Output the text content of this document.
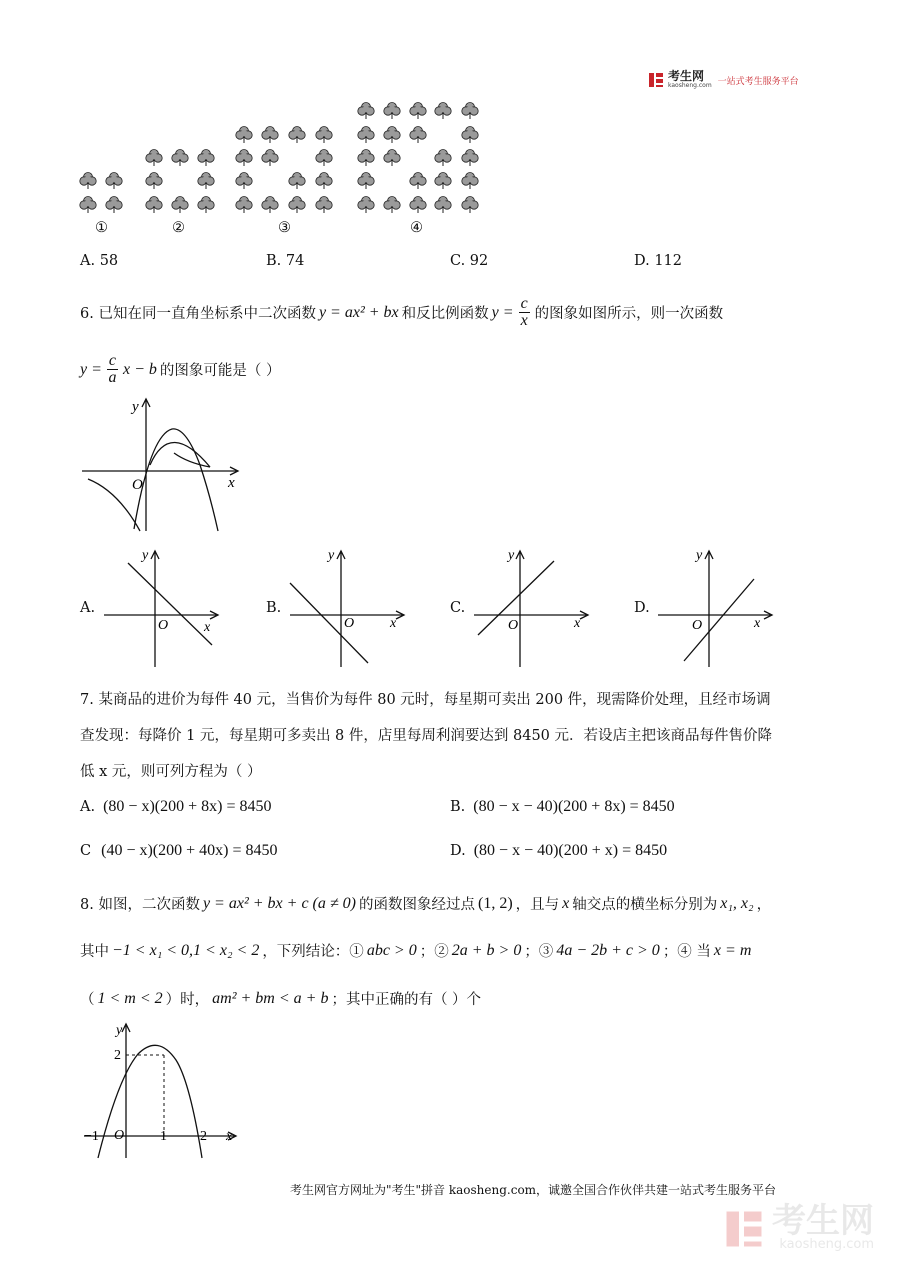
考生网
kaosheng.com 一站式考生服务平台
①	②	③	④
A. 58	B. 74	C. 92	D. 112
6. 已知在同一直角坐标系中二次函数 y = ax² + bx 和反比例函数 $y = \frac{c}{x}$ 的图象如图所示，则一次函数
$y = \frac{c}{a}$ x − b 的图象可能是（ ）
y
x
O
A.
y
x
O
B.
y
x
O
C.
y
x
O
D.
y
x
O
7. 某商品的进价为每件 40 元，当售价为每件 80 元时，每星期可卖出 200 件，现需降价处理，且经市场调
查发现：每降价 1 元，每星期可多卖出 8 件，店里每周利润要达到 8450 元．若设店主把该商品每件售价降
低 x 元，则可列方程为（ ）
A. (80 − x)(200 + 8x) = 8450	B. (80 − x − 40)(200 + 8x) = 8450
C (40 − x)(200 + 40x) = 8450	D. (80 − x − 40)(200 + x) = 8450
8. 如图，二次函数 y = ax² + bx + c (a ≠ 0) 的函数图象经过点 (1, 2) ，且与 x 轴交点的横坐标分别为 x₁, x₂ ，
其中 −1 < x₁ < 0,1 < x₂ < 2 ，下列结论：① abc > 0 ；② 2a + b > 0 ；③ 4a − 2b + c > 0 ；④ 当 x = m
（ 1 < m < 2 ）时， am² + bm < a + b ；其中正确的有（ ）个
y
x
O
2
−1	1 2
考生网官方网址为"考生"拼音 kaosheng.com，诚邀全国合作伙伴共建一站式考生服务平台
考生网
kaosheng.com
